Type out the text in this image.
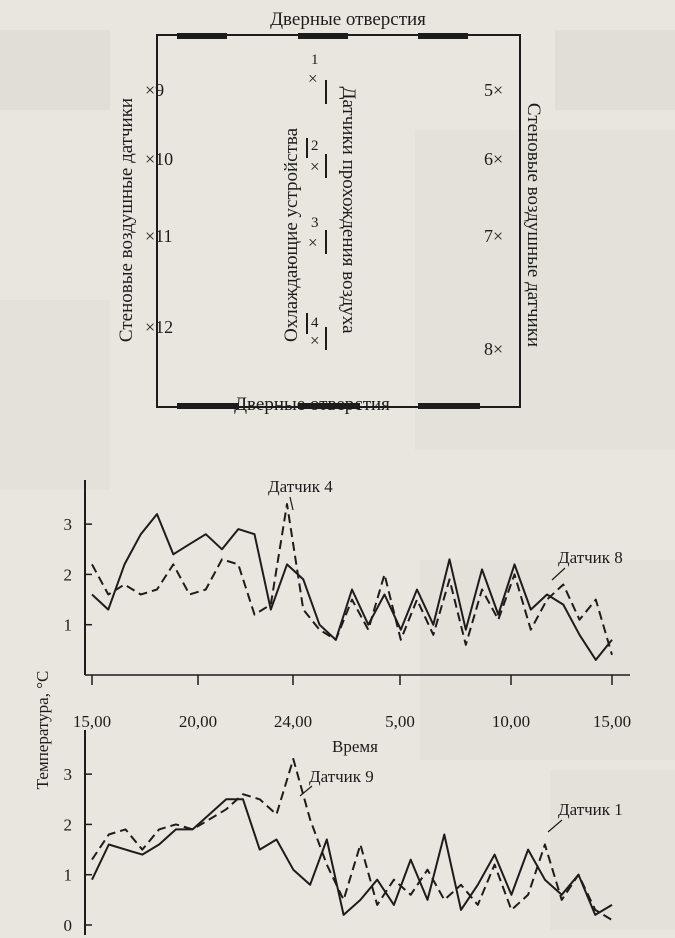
Дверные отверстия
Дверные отверстия
Стеновые воздушные датчики	Стеновые воздушные датчики
Охлаждающие устройства Датчики прохождения воздуха
×9
×10
×11
×12
5×
6×
7×
8×
1
×
2
×
3
×
4
×
1
2
3
15,00	20,00	24,00	5,00	10,00	15,00
Датчик 4
Датчик 8
Время
Температура, °С
0
1
2
3	Датчик 9
Датчик 1
